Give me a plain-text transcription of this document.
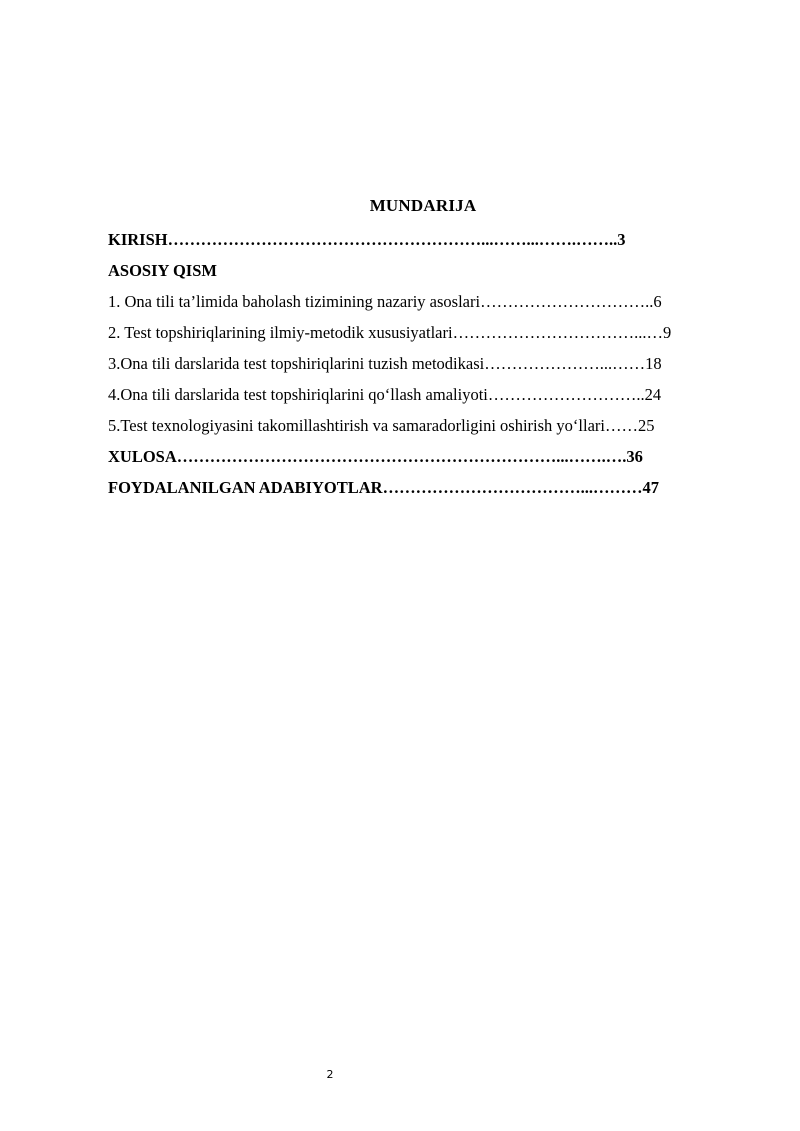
MUNDARIJA
KIRISH…………………………………………………...……...…….……..3
ASOSIY QISM
1. Ona tili ta’limida baholash tizimining nazariy asoslari…………………………..6
2. Test topshiriqlarining ilmiy-metodik xususiyatlari……………………………...…9
3.Ona tili darslarida test topshiriqlarini tuzish metodikasi…………………...……18
4.Ona tili darslarida test topshiriqlarini qo‘llash amaliyoti………………………..24
5.Test texnologiyasini takomillashtirish va samaradorligini oshirish yo‘llari……25
XULOSA……………………………………………………………...…….….36
FOYDALANILGAN ADABIYOTLAR………………………………...………47
2
